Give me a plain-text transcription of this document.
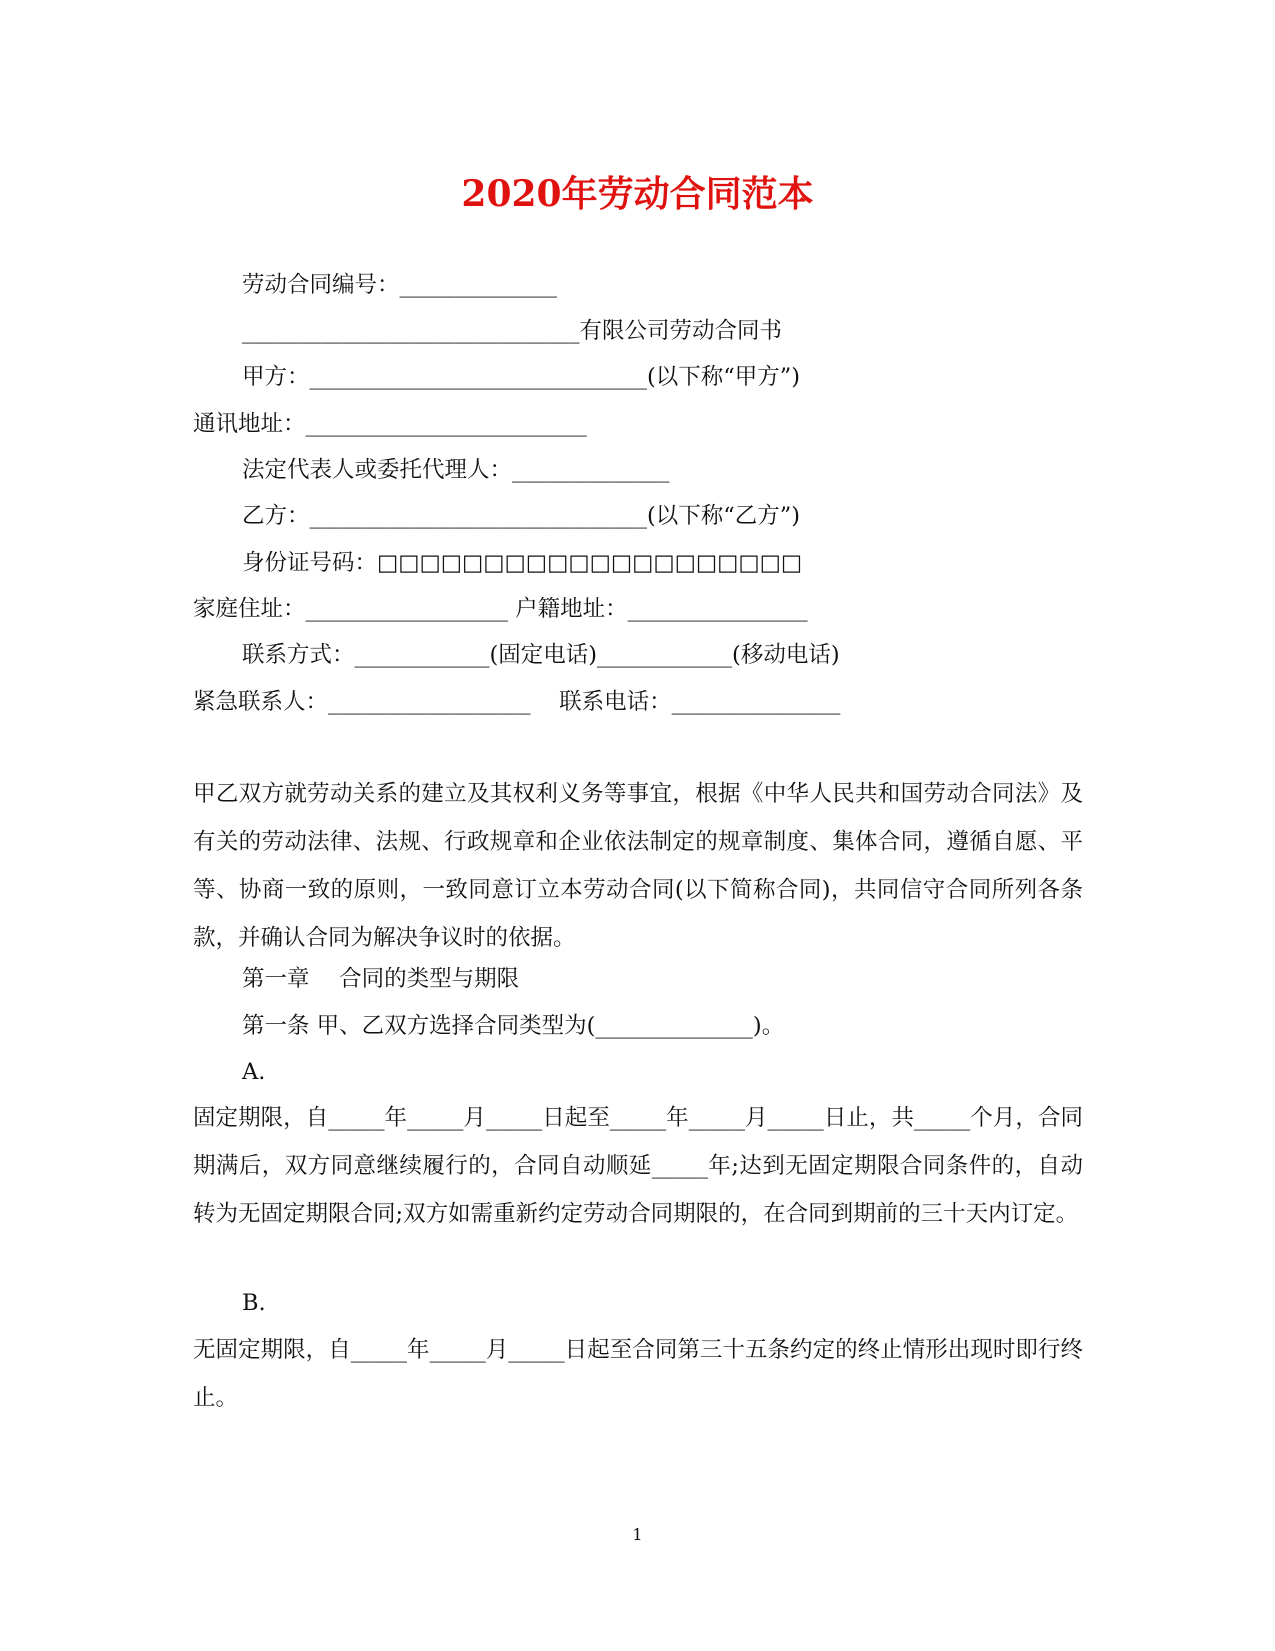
2020年劳动合同范本
劳动合同编号：______________
______________________________有限公司劳动合同书
甲方：______________________________(以下称“甲方”)
通讯地址：_________________________
法定代表人或委托代理人：______________
乙方：______________________________(以下称“乙方”)
身份证号码：□□□□□□□□□□□□□□□□□□□□
家庭住址：__________________ 户籍地址：________________
联系方式：____________(固定电话)____________(移动电话)
紧急联系人：__________________    联系电话：_______________
甲乙双方就劳动关系的建立及其权利义务等事宜，根据《中华人民共和国劳动合同法》及有关的劳动法律、法规、行政规章和企业依法制定的规章制度、集体合同，遵循自愿、平等、协商一致的原则，一致同意订立本劳动合同(以下简称合同)，共同信守合同所列各条款，并确认合同为解决争议时的依据。
第一章　 合同的类型与期限
第一条 甲、乙双方选择合同类型为(______________)。
A.
固定期限，自_____年_____月_____日起至_____年_____月_____日止，共_____个月，合同期满后，双方同意继续履行的，合同自动顺延_____年;达到无固定期限合同条件的，自动转为无固定期限合同;双方如需重新约定劳动合同期限的，在合同到期前的三十天内订定。
B.
无固定期限，自_____年_____月_____日起至合同第三十五条约定的终止情形出现时即行终止。
1
